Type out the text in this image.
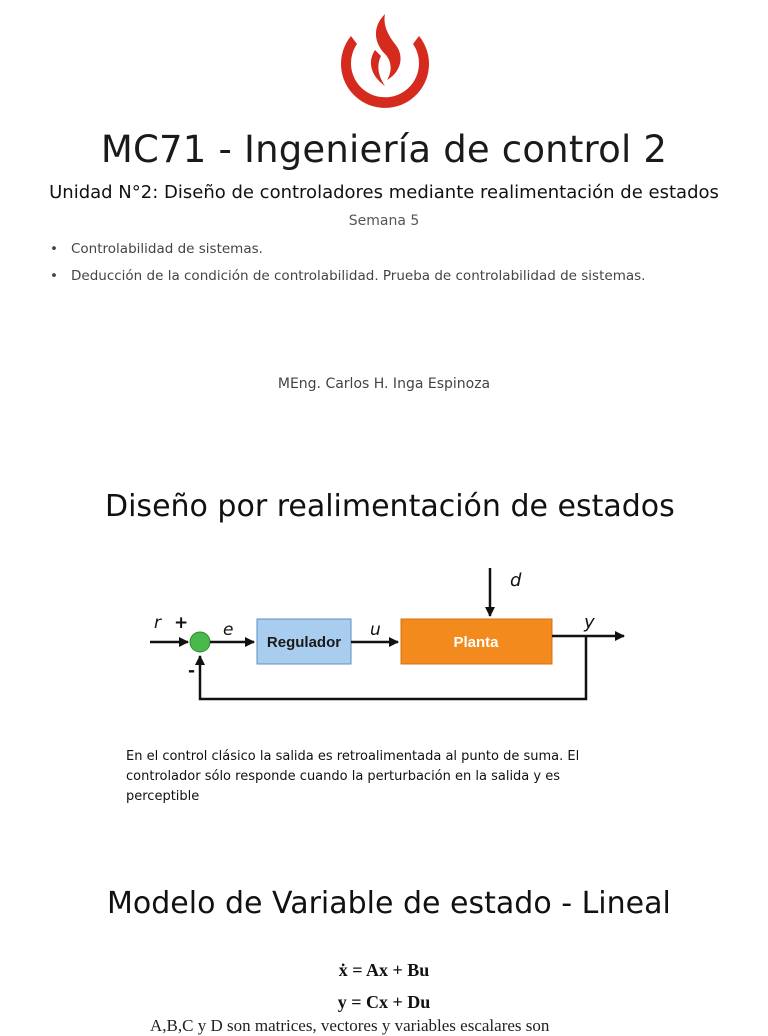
MC71 - Ingeniería de control 2
Unidad N°2: Diseño de controladores mediante realimentación de estados
Semana 5
• Controlabilidad de sistemas.
• Deducción de la condición de controlabilidad. Prueba de controlabilidad de sistemas.
MEng. Carlos H. Inga Espinoza
Diseño por realimentación de estados
r +
-
e	u
d
y
Regulador	Planta
En el control clásico la salida es retroalimentada al punto de suma. El controlador sólo responde cuando la perturbación en la salida y es perceptible
Modelo de Variable de estado - Lineal
ẋ = Ax + Bu
y = Cx + Du
A,B,C y D son matrices, vectores y variables escalares son
